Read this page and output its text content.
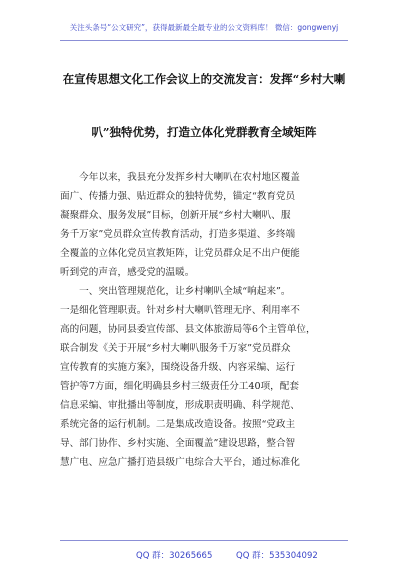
关注头条号“公文研究”，获得最新最全最专业的公文资料库！ 微信：gongwenyj
在宣传思想文化工作会议上的交流发言：发挥“乡村大喇
叭”独特优势，打造立体化党群教育全域矩阵
　　今年以来，我县充分发挥乡村大喇叭在农村地区覆盖
面广、传播力强、贴近群众的独特优势，锚定“教育党员
凝聚群众、服务发展”目标，创新开展“乡村大喇叭、服
务千万家”党员群众宣传教育活动，打造多渠道、多终端
全覆盖的立体化党员宣教矩阵，让党员群众足不出户便能
听到党的声音，感受党的温暖。
　　一、突出管理规范化，让乡村喇叭全域“响起来”。
一是细化管理职责。针对乡村大喇叭管理无序、利用率不
高的问题，协同县委宣传部、县文体旅游局等6个主管单位，
联合制发《关于开展“乡村大喇叭服务千万家”党员群众
宣传教育的实施方案》，围绕设备升级、内容采编、运行
管护等7方面，细化明确县乡村三级责任分工40项，配套
信息采编、审批播出等制度，形成职责明确、科学规范、
系统完备的运行机制。二是集成改造设备。按照“党政主
导、部门协作、乡村实施、全面覆盖”建设思路，整合智
慧广电、应急广播打造县级广电综合大平台，通过标准化
QQ 群：30265665	QQ 群：535304092
